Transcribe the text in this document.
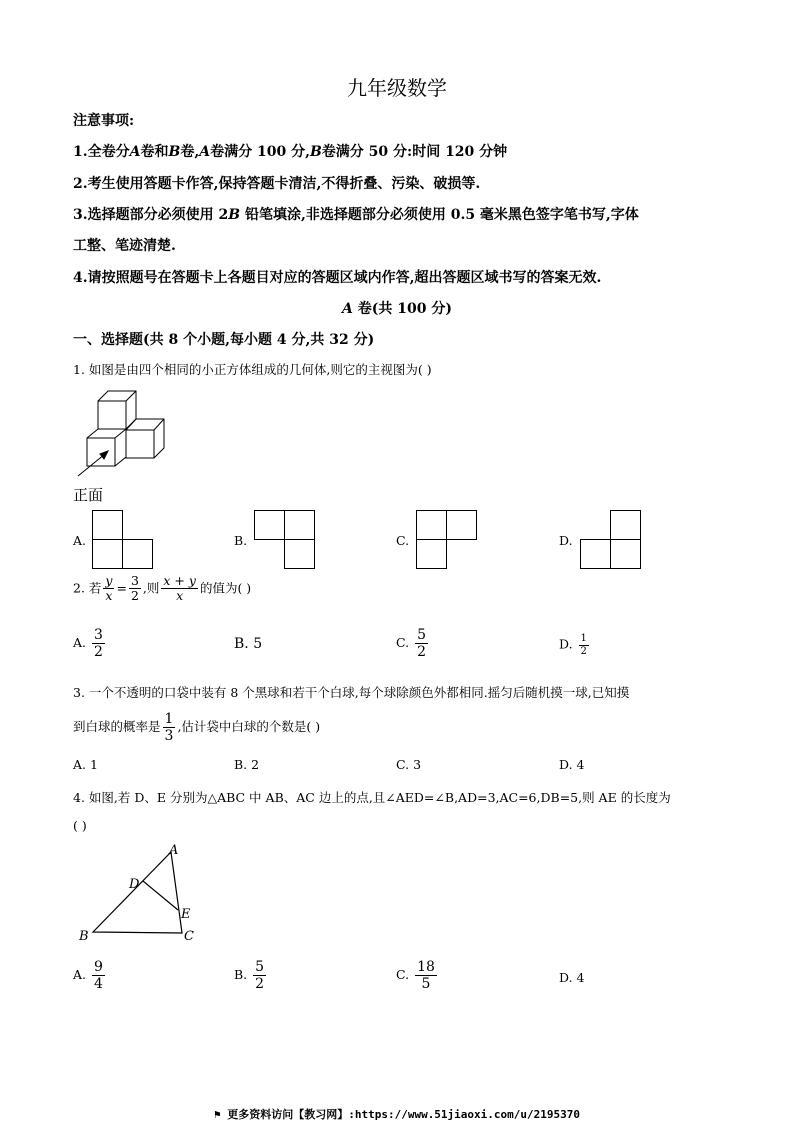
九年级数学
注意事项:
1.全卷分A卷和B卷,A卷满分 100 分,B卷满分 50 分:时间 120 分钟
2.考生使用答题卡作答,保持答题卡清洁,不得折叠、污染、破损等.
3.选择题部分必须使用 2B 铅笔填涂,非选择题部分必须使用 0.5 毫米黑色签字笔书写,字体
工整、笔迹清楚.
4.请按照题号在答题卡上各题目对应的答题区域内作答,超出答题区域书写的答案无效.
A 卷(共 100 分)
一、选择题(共 8 个小题,每小题 4 分,共 32 分)
1. 如图是由四个相同的小正方体组成的几何体,则它的主视图为( )
正面
A.	B.	C.	D.
2. 若 $\frac{y}{x} = \frac{3}{2}$ ,则 $\frac{x + y}{x}$ 的值为( )
A. $\frac{3}{2}$	B. 5	C. $\frac{5}{2}$	D. $\frac{1}{2}$
3. 一个不透明的口袋中装有 8 个黑球和若干个白球,每个球除颜色外都相同.摇匀后随机摸一球,已知摸
到白球的概率是 $\frac{1}{3}$ ,估计袋中白球的个数是( )
A. 1	B. 2	C. 3	D. 4
4. 如图,若 D、E 分别为△ABC 中 AB、AC 边上的点,且∠AED=∠B,AD=3,AC=6,DB=5,则 AE 的长度为
( )
A
B	C
D
E
A. $\frac{9}{4}$	B. $\frac{5}{2}$	C. $\frac{18}{5}$	D. 4
⚑ 更多资料访问【教习网】:https://www.51jiaoxi.com/u/2195370
